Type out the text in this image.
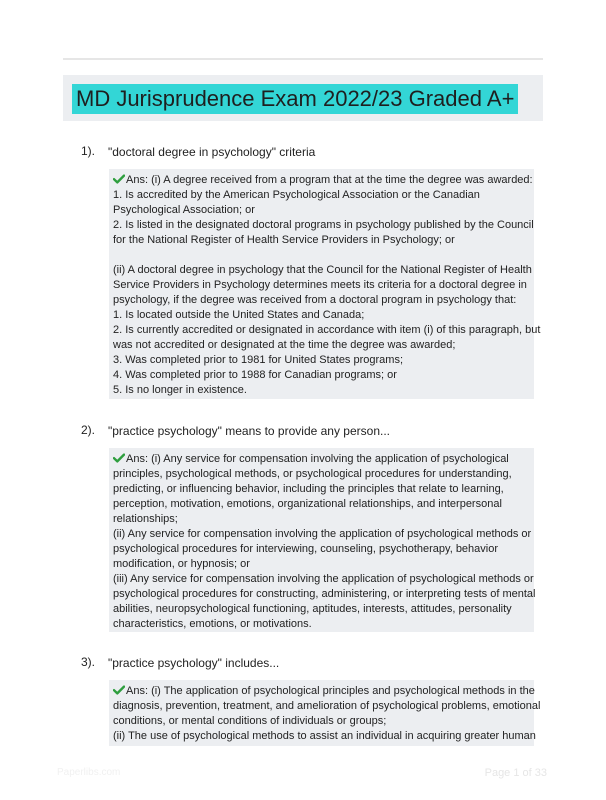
MD Jurisprudence Exam 2022/23 Graded A+
1). "doctoral degree in psychology" criteria
Ans: (i) A degree received from a program that at the time the degree was awarded:
1. Is accredited by the American Psychological Association or the Canadian
Psychological Association; or
2. Is listed in the designated doctoral programs in psychology published by the Council
for the National Register of Health Service Providers in Psychology; or
(ii) A doctoral degree in psychology that the Council for the National Register of Health
Service Providers in Psychology determines meets its criteria for a doctoral degree in
psychology, if the degree was received from a doctoral program in psychology that:
1. Is located outside the United States and Canada;
2. Is currently accredited or designated in accordance with item (i) of this paragraph, but
was not accredited or designated at the time the degree was awarded;
3. Was completed prior to 1981 for United States programs;
4. Was completed prior to 1988 for Canadian programs; or
5. Is no longer in existence.
2). "practice psychology" means to provide any person...
Ans: (i) Any service for compensation involving the application of psychological
principles, psychological methods, or psychological procedures for understanding,
predicting, or influencing behavior, including the principles that relate to learning,
perception, motivation, emotions, organizational relationships, and interpersonal
relationships;
(ii) Any service for compensation involving the application of psychological methods or
psychological procedures for interviewing, counseling, psychotherapy, behavior
modification, or hypnosis; or
(iii) Any service for compensation involving the application of psychological methods or
psychological procedures for constructing, administering, or interpreting tests of mental
abilities, neuropsychological functioning, aptitudes, interests, attitudes, personality
characteristics, emotions, or motivations.
3). "practice psychology" includes...
Ans: (i) The application of psychological principles and psychological methods in the
diagnosis, prevention, treatment, and amelioration of psychological problems, emotional
conditions, or mental conditions of individuals or groups;
(ii) The use of psychological methods to assist an individual in acquiring greater human
Paperlibs.com	Page 1 of 33
